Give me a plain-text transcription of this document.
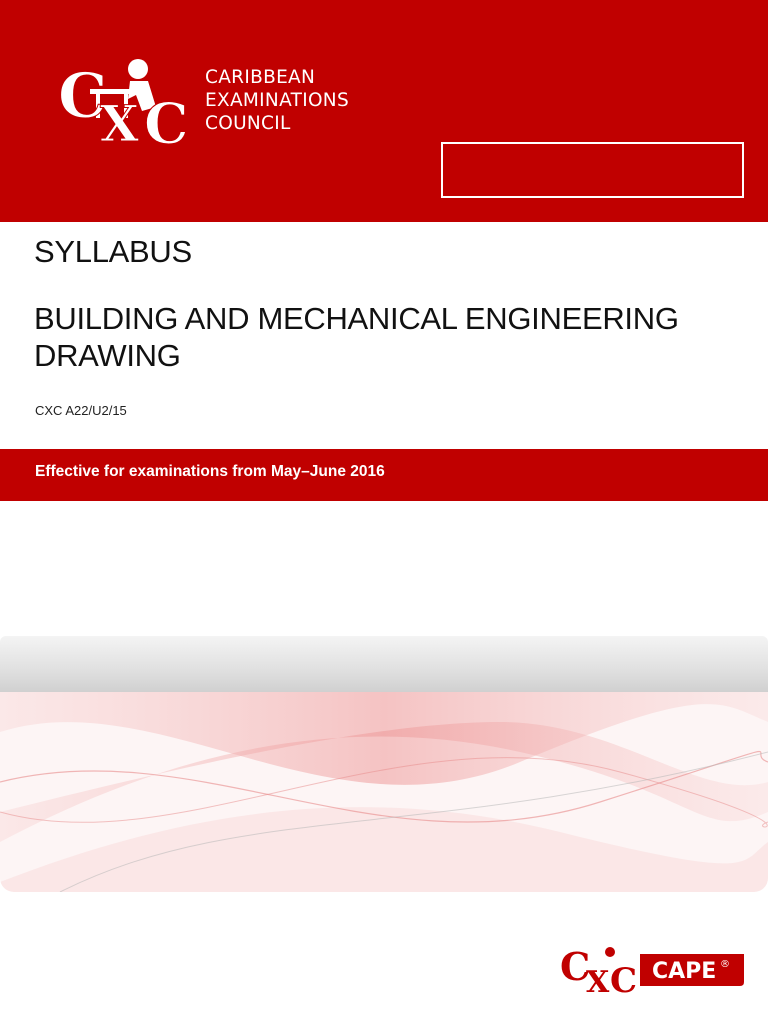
C
X C
CARIBBEAN
EXAMINATIONS
COUNCIL
SYLLABUS
BUILDING AND MECHANICAL ENGINEERING DRAWING

CXC A22/U2/15

Effective for examinations from May–June 2016

C
X C CAPE ®
